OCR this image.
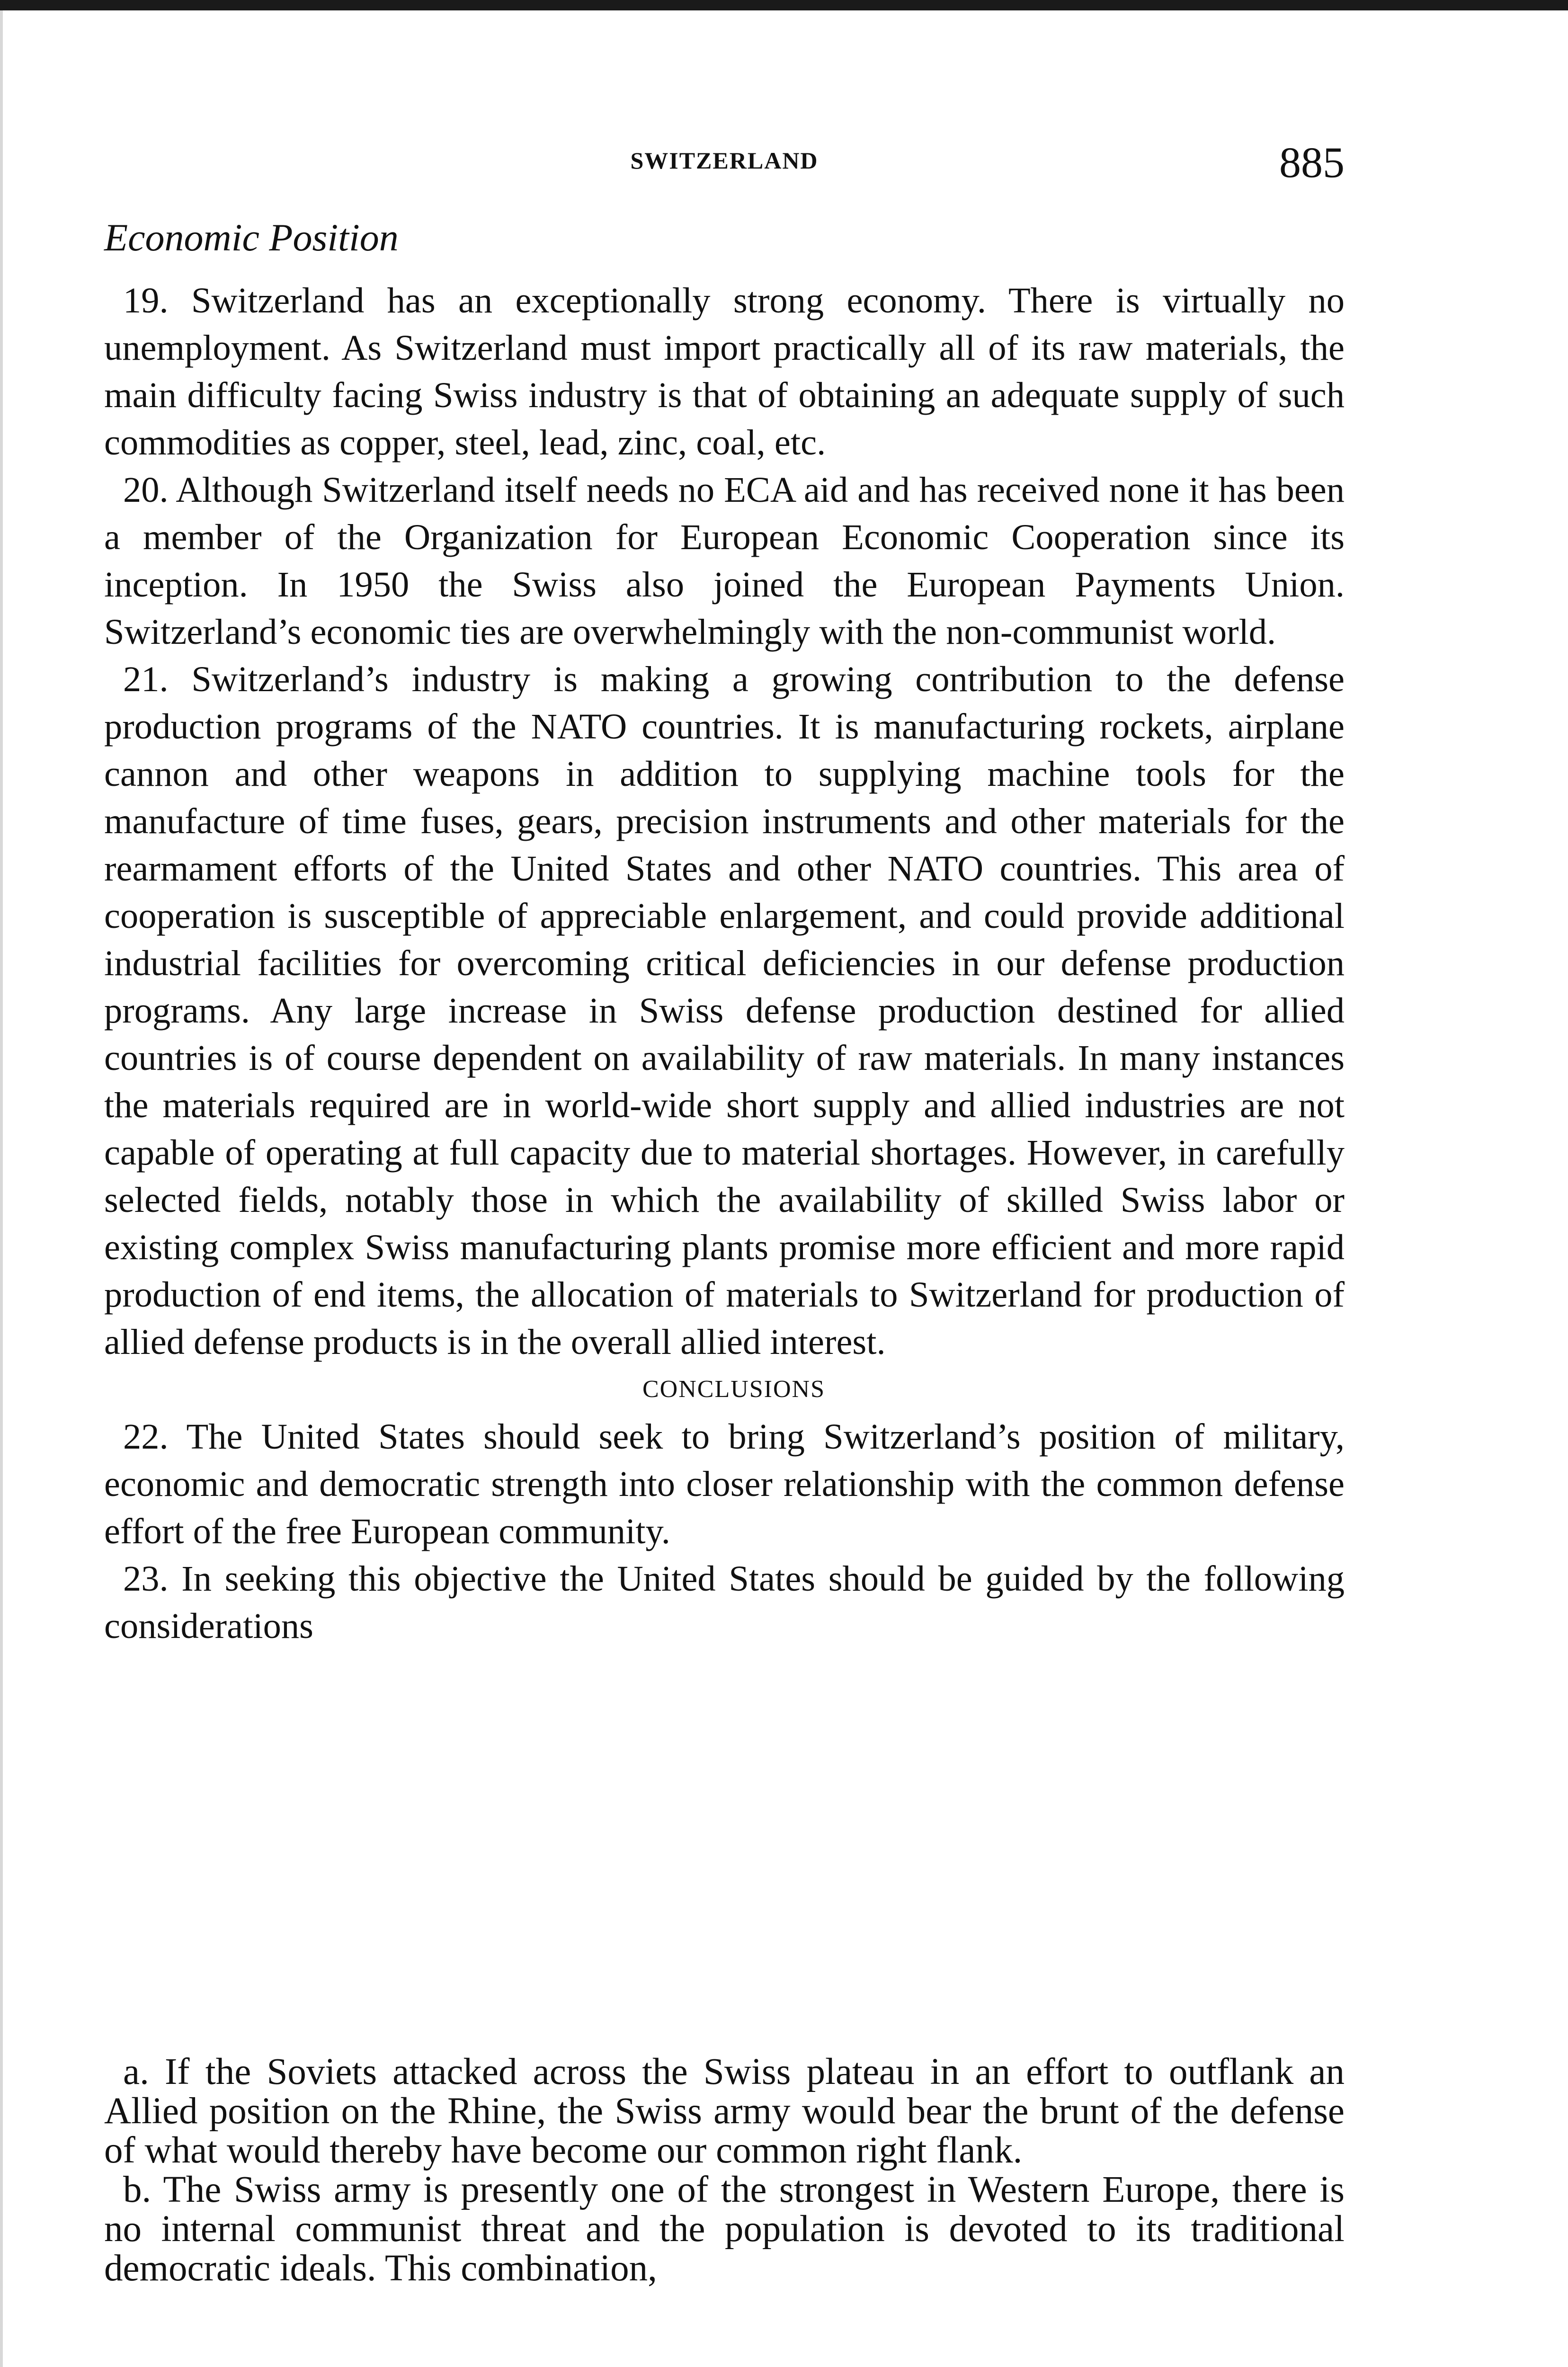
SWITZERLAND	885
Economic Position

19. Switzerland has an exceptionally strong economy. There is virtually no unemployment. As Switzerland must import practically all of its raw materials, the main difficulty facing Swiss industry is that of obtaining an adequate supply of such commodities as copper, steel, lead, zinc, coal, etc.

20. Although Switzerland itself needs no ECA aid and has received none it has been a member of the Organization for European Economic Cooperation since its inception. In 1950 the Swiss also joined the European Payments Union. Switzerland’s economic ties are overwhelmingly with the non-communist world.

21. Switzerland’s industry is making a growing contribution to the defense production programs of the NATO countries. It is manufacturing rockets, airplane cannon and other weapons in addition to supplying machine tools for the manufacture of time fuses, gears, precision instruments and other materials for the rearmament efforts of the United States and other NATO countries. This area of cooperation is susceptible of appreciable enlargement, and could provide additional industrial facilities for overcoming critical deficiencies in our defense production programs. Any large increase in Swiss defense production destined for allied countries is of course dependent on availability of raw materials. In many instances the materials required are in world-wide short supply and allied industries are not capable of operating at full capacity due to material shortages. However, in carefully selected fields, notably those in which the availability of skilled Swiss labor or existing complex Swiss manufacturing plants promise more efficient and more rapid production of end items, the allocation of materials to Switzerland for production of allied defense products is in the overall allied interest.

CONCLUSIONS

22. The United States should seek to bring Switzerland’s position of military, economic and democratic strength into closer relationship with the common defense effort of the free European community.

23. In seeking this objective the United States should be guided by the following considerations

a. If the Soviets attacked across the Swiss plateau in an effort to outflank an Allied position on the Rhine, the Swiss army would bear the brunt of the defense of what would thereby have become our common right flank.

b. The Swiss army is presently one of the strongest in Western Europe, there is no internal communist threat and the population is devoted to its traditional democratic ideals. This combination,
